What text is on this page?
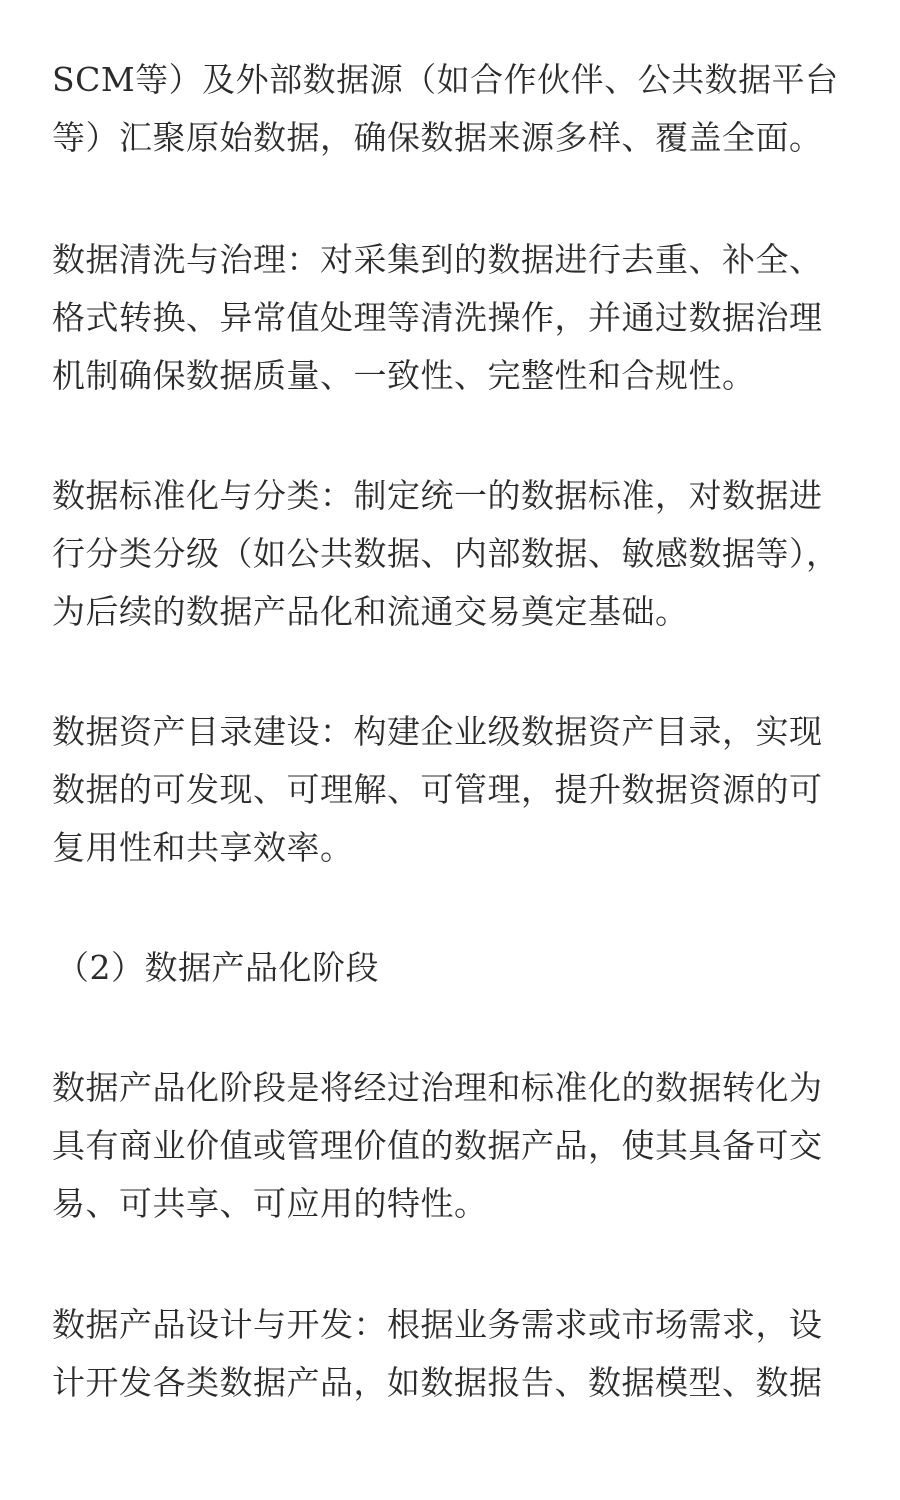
SCM等）及外部数据源（如合作伙伴、公共数据平台
等）汇聚原始数据，确保数据来源多样、覆盖全面。
数据清洗与治理：对采集到的数据进行去重、补全、
格式转换、异常值处理等清洗操作，并通过数据治理
机制确保数据质量、一致性、完整性和合规性。
数据标准化与分类：制定统一的数据标准，对数据进
行分类分级（如公共数据、内部数据、敏感数据等），
为后续的数据产品化和流通交易奠定基础。
数据资产目录建设：构建企业级数据资产目录，实现
数据的可发现、可理解、可管理，提升数据资源的可
复用性和共享效率。
（2）数据产品化阶段
数据产品化阶段是将经过治理和标准化的数据转化为
具有商业价值或管理价值的数据产品，使其具备可交
易、可共享、可应用的特性。
数据产品设计与开发：根据业务需求或市场需求，设
计开发各类数据产品，如数据报告、数据模型、数据
